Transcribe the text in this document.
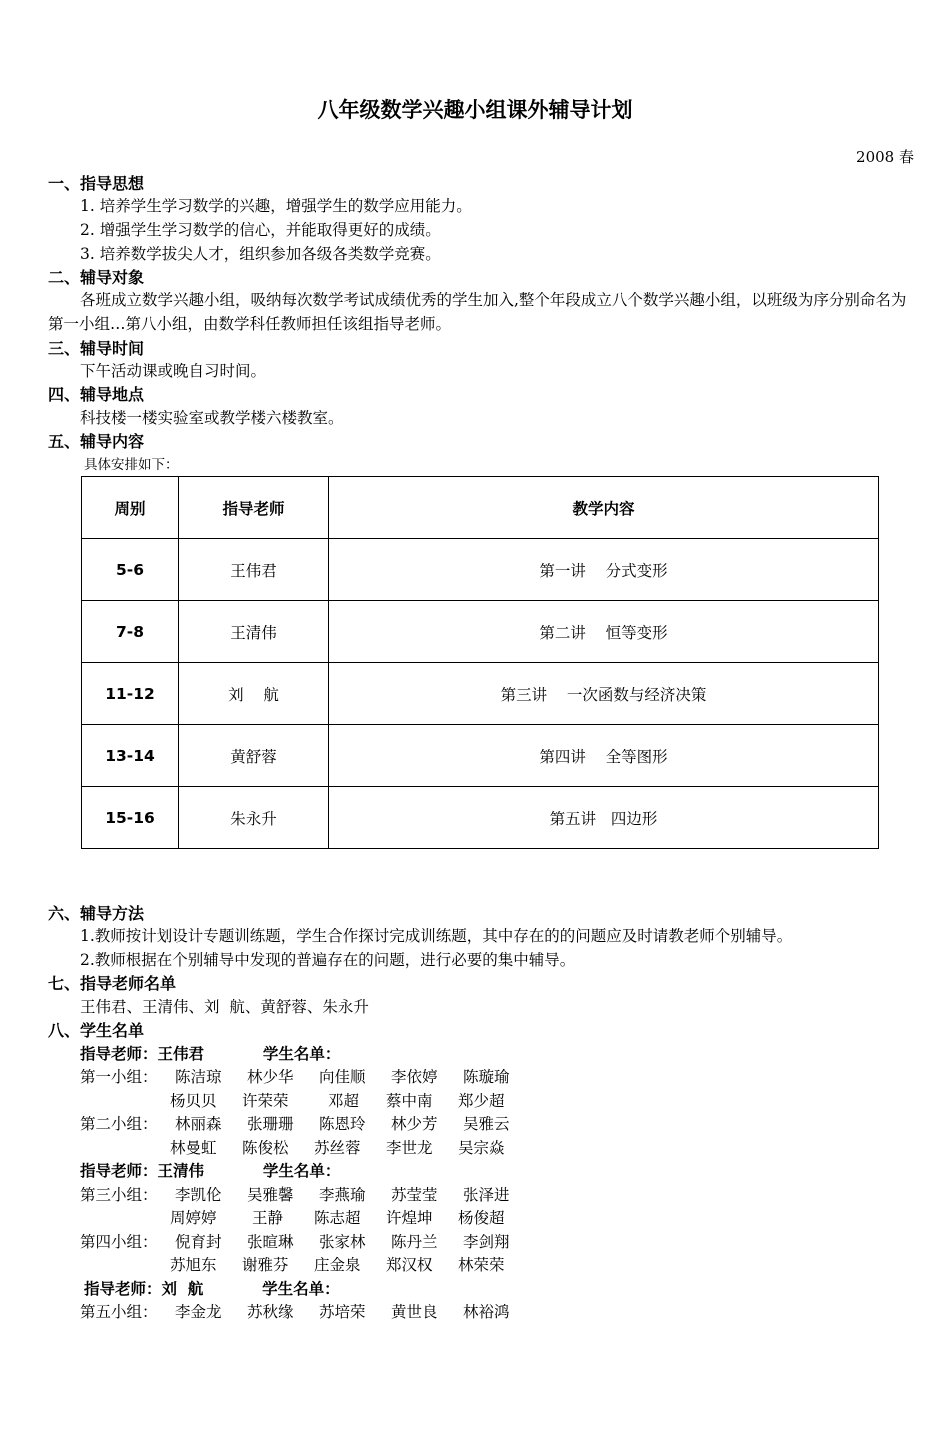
八年级数学兴趣小组课外辅导计划
2008 春
一、指导思想
1. 培养学生学习数学的兴趣，增强学生的数学应用能力。
2. 增强学生学习数学的信心，并能取得更好的成绩。
3. 培养数学拔尖人才，组织参加各级各类数学竞赛。
二、辅导对象
各班成立数学兴趣小组，吸纳每次数学考试成绩优秀的学生加入,整个年段成立八个数学兴趣小组，以班级为序分别命名为第一小组…第八小组，由数学科任教师担任该组指导老师。
三、辅导时间
下午活动课或晚自习时间。
四、辅导地点
科技楼一楼实验室或教学楼六楼教室。
五、辅导内容
具体安排如下：
周别	指导老师	教学内容
5-6	王伟君	第一讲    分式变形
7-8	王清伟	第二讲    恒等变形
11-12	刘    航	第三讲    一次函数与经济决策
13-14	黄舒蓉	第四讲    全等图形
15-16	朱永升	第五讲   四边形
六、辅导方法
1.教师按计划设计专题训练题，学生合作探讨完成训练题，其中存在的的问题应及时请教老师个别辅导。
2.教师根据在个别辅导中发现的普遍存在的问题，进行必要的集中辅导。
七、指导老师名单
王伟君、王清伟、刘  航、黄舒蓉、朱永升
八、学生名单
指导老师：王伟君	学生名单：
第一小组： 陈洁琼 林少华 向佳顺 李依婷 陈璇瑜
杨贝贝 许荣荣	邓超 蔡中南 郑少超
第二小组： 林丽森 张珊珊 陈恩玲 林少芳 吴雅云
林曼虹 陈俊松 苏丝蓉 李世龙 吴宗焱
指导老师：王清伟	学生名单：
第三小组： 李凯伦 吴雅馨 李燕瑜 苏莹莹 张泽进
周婷婷 王静 陈志超 许煌坤 杨俊超
第四小组： 倪育封 张暄琳 张家林 陈丹兰 李剑翔
苏旭东 谢雅芬 庄金泉 郑汉权 林荣荣
指导老师：刘  航	学生名单：
第五小组： 李金龙 苏秋缘 苏培荣 黄世良 林裕鸿
